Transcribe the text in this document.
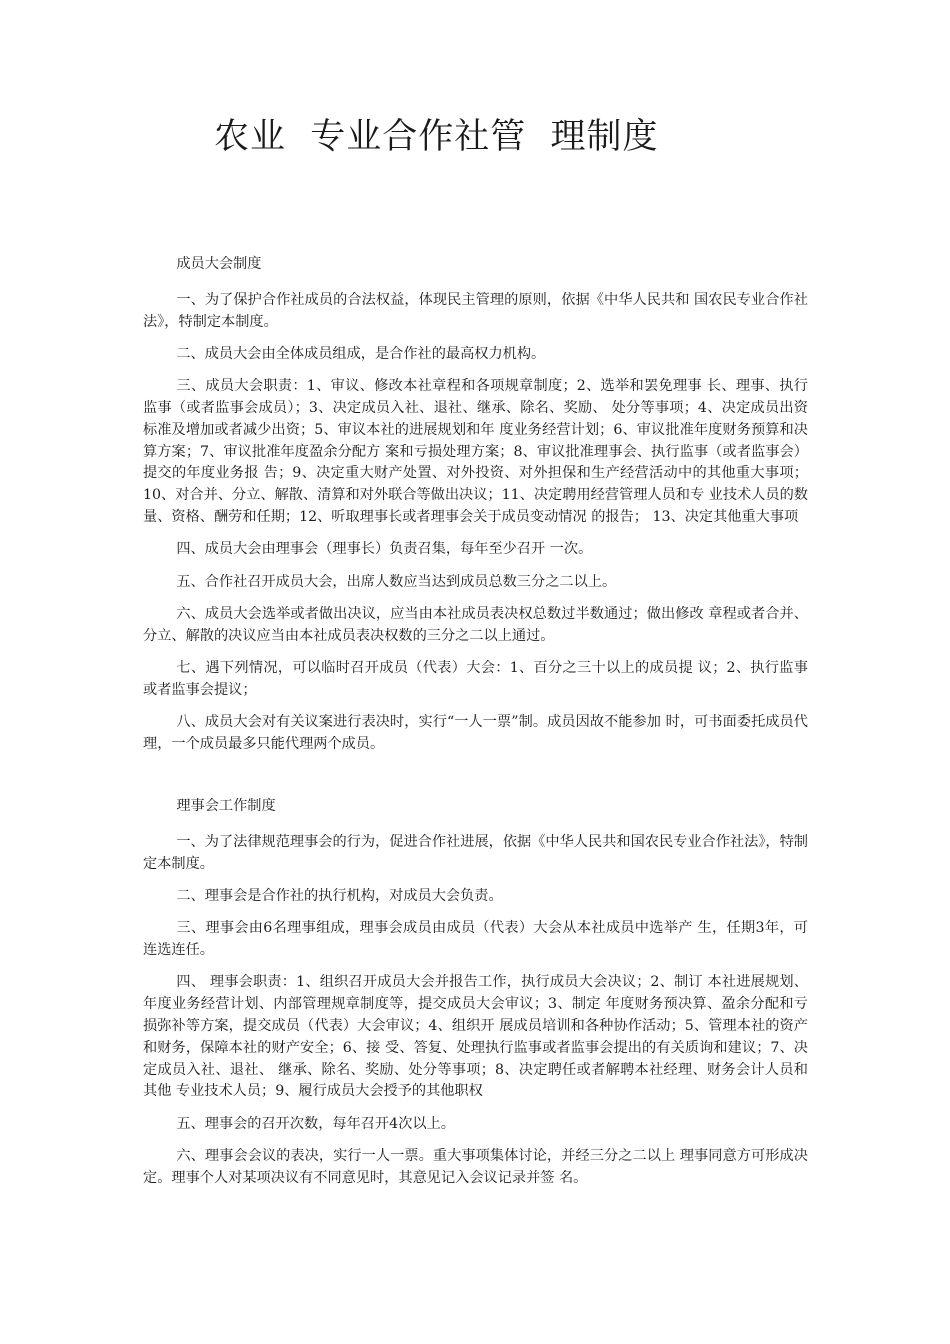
农业  专业合作社管  理制度
成员大会制度

一、为了保护合作社成员的合法权益，体现民主管理的原则，依据《中华人民共和 国农民专业合作社法》，特制定本制度。

二、成员大会由全体成员组成，是合作社的最高权力机构。

三、成员大会职责：1、审议、修改本社章程和各项规章制度；2、选举和罢免理事 长、理事、执行监事（或者监事会成员）；3、决定成员入社、退社、继承、除名、奖励、 处分等事项；4、决定成员出资标准及增加或者减少出资；5、审议本社的进展规划和年 度业务经营计划；6、审议批准年度财务预算和决算方案；7、审议批准年度盈余分配方 案和亏损处理方案；8、审议批准理事会、执行监事（或者监事会）提交的年度业务报 告；9、决定重大财产处置、对外投资、对外担保和生产经营活动中的其他重大事项； 10、对合并、分立、解散、清算和对外联合等做出决议；11、决定聘用经营管理人员和专 业技术人员的数量、资格、酬劳和任期；12、听取理事长或者理事会关于成员变动情况 的报告； 13、决定其他重大事项

四、成员大会由理事会（理事长）负责召集，每年至少召开 一次。

五、合作社召开成员大会，出席人数应当达到成员总数三分之二以上。

六、成员大会选举或者做出决议，应当由本社成员表决权总数过半数通过；做出修改 章程或者合并、分立、解散的决议应当由本社成员表决权数的三分之二以上通过。

七、遇下列情况，可以临时召开成员（代表）大会：1、百分之三十以上的成员提 议；2、执行监事或者监事会提议；

八、成员大会对有关议案进行表决时，实行“一人一票”制。成员因故不能参加 时，可书面委托成员代理，一个成员最多只能代理两个成员。

理事会工作制度

一、为了法律规范理事会的行为，促进合作社进展，依据《中华人民共和国农民专业合作社法》，特制定本制度。

二、理事会是合作社的执行机构，对成员大会负责。

三、理事会由6名理事组成，理事会成员由成员（代表）大会从本社成员中选举产 生，任期3年，可连选连任。

四、 理事会职责：1、组织召开成员大会并报告工作，执行成员大会决议；2、制订 本社进展规划、年度业务经营计划、内部管理规章制度等，提交成员大会审议；3、制定 年度财务预决算、盈余分配和亏损弥补等方案，提交成员（代表）大会审议；4、组织开 展成员培训和各种协作活动；5、管理本社的资产和财务，保障本社的财产安全；6、接 受、答复、处理执行监事或者监事会提出的有关质询和建议；7、决定成员入社、退社、 继承、除名、奖励、处分等事项；8、决定聘任或者解聘本社经理、财务会计人员和其他 专业技术人员；9、履行成员大会授予的其他职权

五、理事会的召开次数，每年召开4次以上。

六、理事会会议的表决，实行一人一票。重大事项集体讨论，并经三分之二以上 理事同意方可形成决定。理事个人对某项决议有不同意见时，其意见记入会议记录并签 名。
